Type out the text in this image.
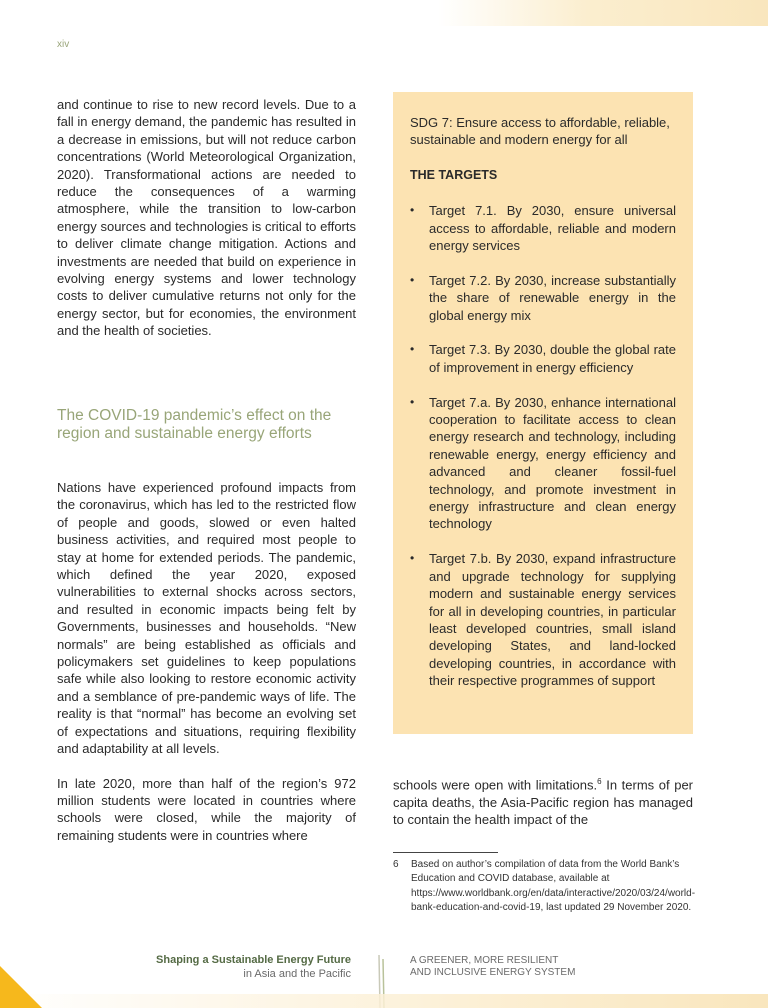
xiv

and continue to rise to new record levels. Due to a fall in energy demand, the pandemic has resulted in a decrease in emissions, but will not reduce carbon concentrations (World Meteorological Organization, 2020). Transformational actions are needed to reduce the consequences of a warming atmosphere, while the transition to low-carbon energy sources and technologies is critical to efforts to deliver climate change mitigation. Actions and investments are needed that build on experience in evolving energy systems and lower technology costs to deliver cumulative returns not only for the energy sector, but for economies, the environment and the health of societies.

The COVID-19 pandemic’s effect on the region and sustainable energy efforts

Nations have experienced profound impacts from the coronavirus, which has led to the restricted flow of people and goods, slowed or even halted business activities, and required most people to stay at home for extended periods. The pandemic, which defined the year 2020, exposed vulnerabilities to external shocks across sectors, and resulted in economic impacts being felt by Governments, businesses and households. “New normals” are being established as officials and policymakers set guidelines to keep populations safe while also looking to restore economic activity and a semblance of pre-pandemic ways of life. The reality is that “normal” has become an evolving set of expectations and situations, requiring flexibility and adaptability at all levels.

In late 2020, more than half of the region’s 972 million students were located in countries where schools were closed, while the majority of remaining students were in countries where

SDG 7: Ensure access to affordable, reliable, sustainable and modern energy for all

THE TARGETS

• Target 7.1. By 2030, ensure universal access to affordable, reliable and modern energy services
• Target 7.2. By 2030, increase substantially the share of renewable energy in the global energy mix
• Target 7.3. By 2030, double the global rate of improvement in energy efficiency
• Target 7.a. By 2030, enhance international cooperation to facilitate access to clean energy research and technology, including renewable energy, energy efficiency and advanced and cleaner fossil-fuel technology, and promote investment in energy infrastructure and clean energy technology
• Target 7.b. By 2030, expand infrastructure and upgrade technology for supplying modern and sustainable energy services for all in developing countries, in particular least developed countries, small island developing States, and land-locked developing countries, in accordance with their respective programmes of support

schools were open with limitations.$^6$ In terms of per capita deaths, the Asia-Pacific region has managed to contain the health impact of the

6 Based on author’s compilation of data from the World Bank’s Education and COVID database, available at https://www.worldbank.org/en/data/interactive/2020/03/24/world-bank-education-and-covid-19, last updated 29 November 2020.
Shaping a Sustainable Energy Future
in Asia and the Pacific
A GREENER, MORE RESILIENT
AND INCLUSIVE ENERGY SYSTEM
